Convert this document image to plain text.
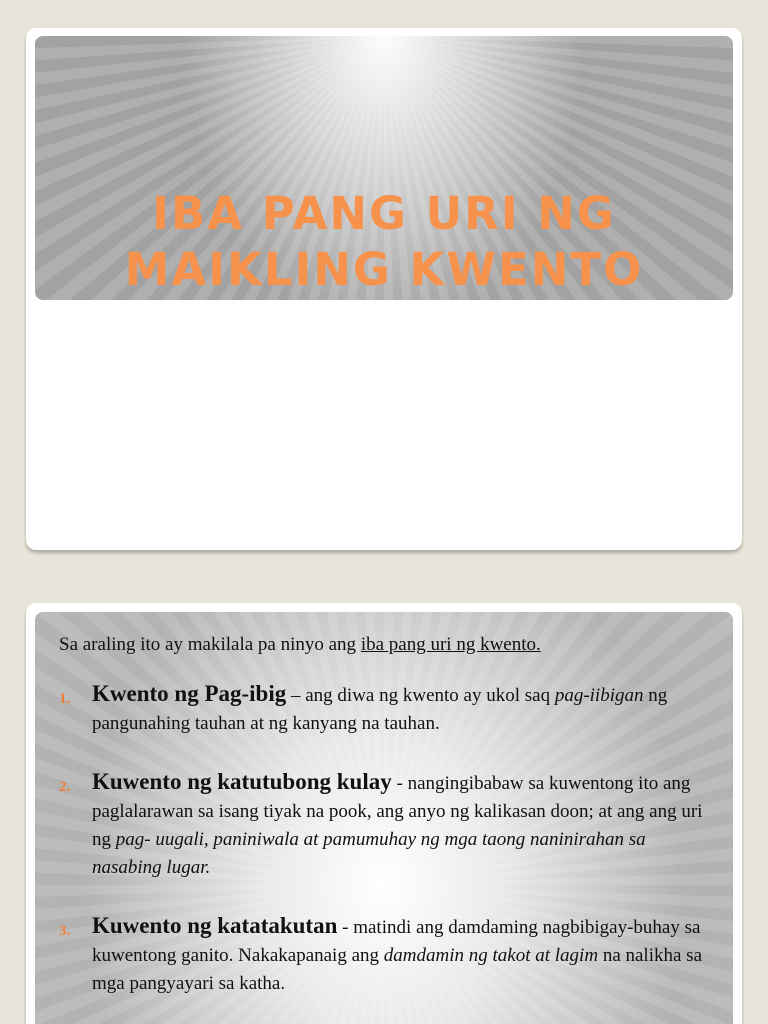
IBA PANG URI NG
MAIKLING KWENTO

Sa araling ito ay makilala pa ninyo ang iba pang uri ng kwento.

1. Kwento ng Pag-ibig – ang diwa ng kwento ay ukol saq pag-iibigan ng pangunahing tauhan at ng kanyang na tauhan.
2. Kuwento ng katutubong kulay - nangingibabaw sa kuwentong ito ang paglalarawan sa isang tiyak na pook, ang anyo ng kalikasan doon; at ang ang uri ng pag- uugali, paniniwala at pamumuhay ng mga taong naninirahan sa nasabing lugar.
3. Kuwento ng katatakutan - matindi ang damdaming nagbibigay-buhay sa kuwentong ganito. Nakakapanaig ang damdamin ng takot at lagim na nalikha sa mga pangyayari sa katha.
